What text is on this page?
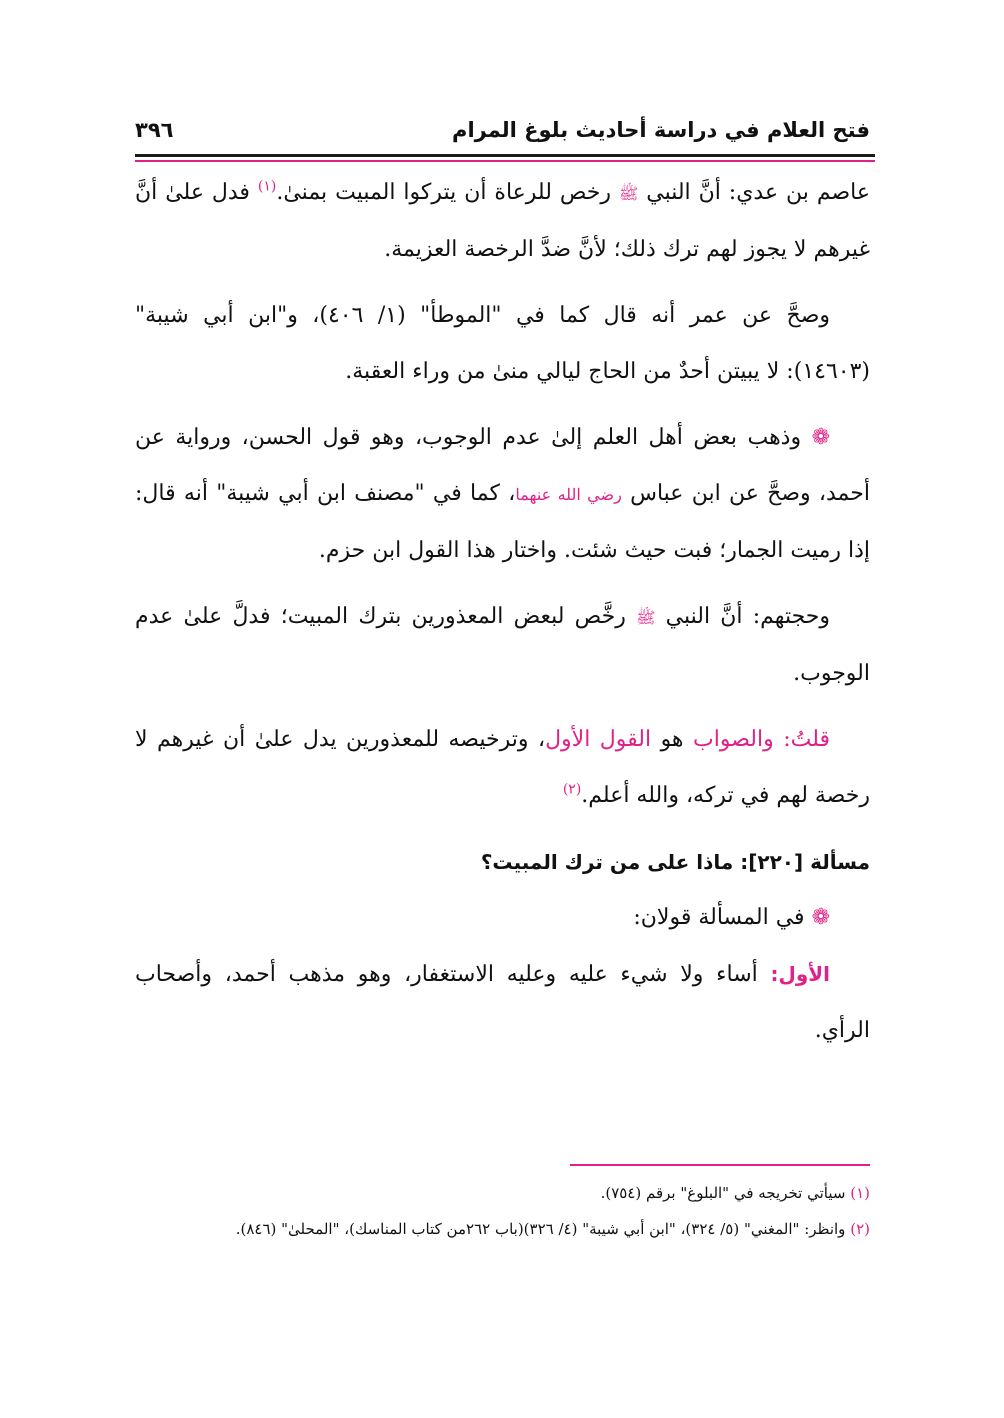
فتح العلام في دراسة أحاديث بلوغ المرام
٣٩٦

عاصم بن عدي: أنَّ النبي ﷺ رخص للرعاة أن يتركوا المبيت بمنىٰ.$^{(١)}$ فدل علىٰ أنَّ غيرهم لا يجوز لهم ترك ذلك؛ لأنَّ ضدَّ الرخصة العزيمة.

وصحَّ عن عمر أنه قال كما في "الموطأ" (١/ ٤٠٦)، و"ابن أبي شيبة" (١٤٦٠٣): لا يبيتن أحدٌ من الحاج ليالي منىٰ من وراء العقبة.

❁ وذهب بعض أهل العلم إلىٰ عدم الوجوب، وهو قول الحسن، ورواية عن أحمد، وصحَّ عن ابن عباس رضي الله عنهما، كما في "مصنف ابن أبي شيبة" أنه قال: إذا رميت الجمار؛ فبت حيث شئت. واختار هذا القول ابن حزم.

وحجتهم: أنَّ النبي ﷺ رخَّص لبعض المعذورين بترك المبيت؛ فدلَّ علىٰ عدم الوجوب.

قلتُ: والصواب هو القول الأول، وترخيصه للمعذورين يدل علىٰ أن غيرهم لا رخصة لهم في تركه، والله أعلم.$^{(٢)}$

مسألة [٢٢٠]: ماذا على من ترك المبيت؟

❁ في المسألة قولان:

الأول: أساء ولا شيء عليه وعليه الاستغفار، وهو مذهب أحمد، وأصحاب الرأي.

(١) سيأتي تخريجه في "البلوغ" برقم (٧٥٤).

(٢) وانظر: "المغني" (٥/ ٣٢٤)، "ابن أبي شيبة" (٤/ ٣٢٦)(باب ٢٦٢من كتاب المناسك)، "المحلىٰ" (٨٤٦).
